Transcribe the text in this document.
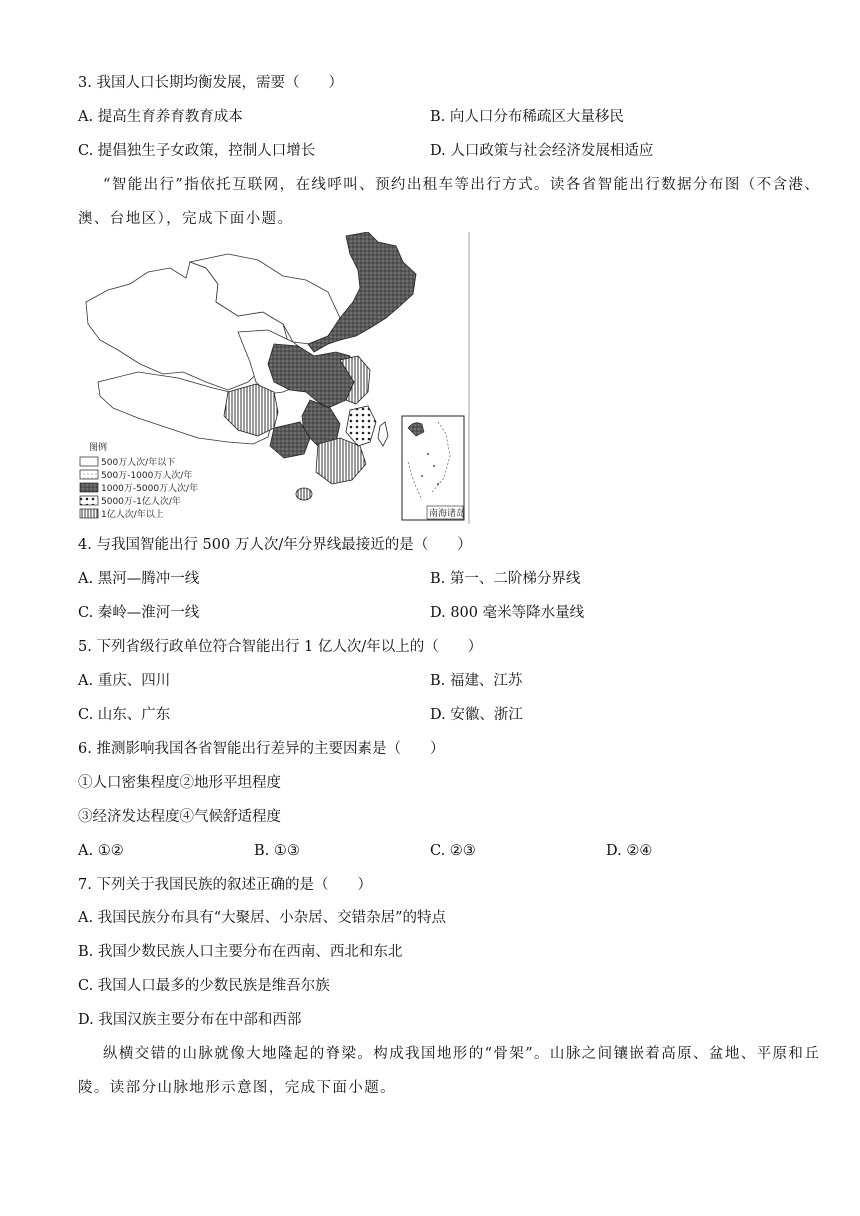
3. 我国人口长期均衡发展，需要（　　）
A. 提高生育养育教育成本	B. 向人口分布稀疏区大量移民
C. 提倡独生子女政策，控制人口增长	D. 人口政策与社会经济发展相适应
“智能出行”指依托互联网，在线呼叫、预约出租车等出行方式。读各省智能出行数据分布图（不含港、
澳、台地区），完成下面小题。
南海诸岛
图例
500万人次/年以下
500万-1000万人次/年
1000万-5000万人次/年
5000万-1亿人次/年
1亿人次/年以上
4. 与我国智能出行 500 万人次/年分界线最接近的是（　　）
A. 黑河—腾冲一线	B. 第一、二阶梯分界线
C. 秦岭—淮河一线	D. 800 毫米等降水量线
5. 下列省级行政单位符合智能出行 1 亿人次/年以上的（　　）
A. 重庆、四川	B. 福建、江苏
C. 山东、广东	D. 安徽、浙江
6. 推测影响我国各省智能出行差异的主要因素是（　　）
①人口密集程度②地形平坦程度
③经济发达程度④气候舒适程度
A. ①②	B. ①③	C. ②③	D. ②④
7. 下列关于我国民族的叙述正确的是（　　）
A. 我国民族分布具有“大聚居、小杂居、交错杂居”的特点
B. 我国少数民族人口主要分布在西南、西北和东北
C. 我国人口最多的少数民族是维吾尔族
D. 我国汉族主要分布在中部和西部
纵横交错的山脉就像大地隆起的脊梁。构成我国地形的“骨架”。山脉之间镶嵌着高原、盆地、平原和丘
陵。读部分山脉地形示意图，完成下面小题。
